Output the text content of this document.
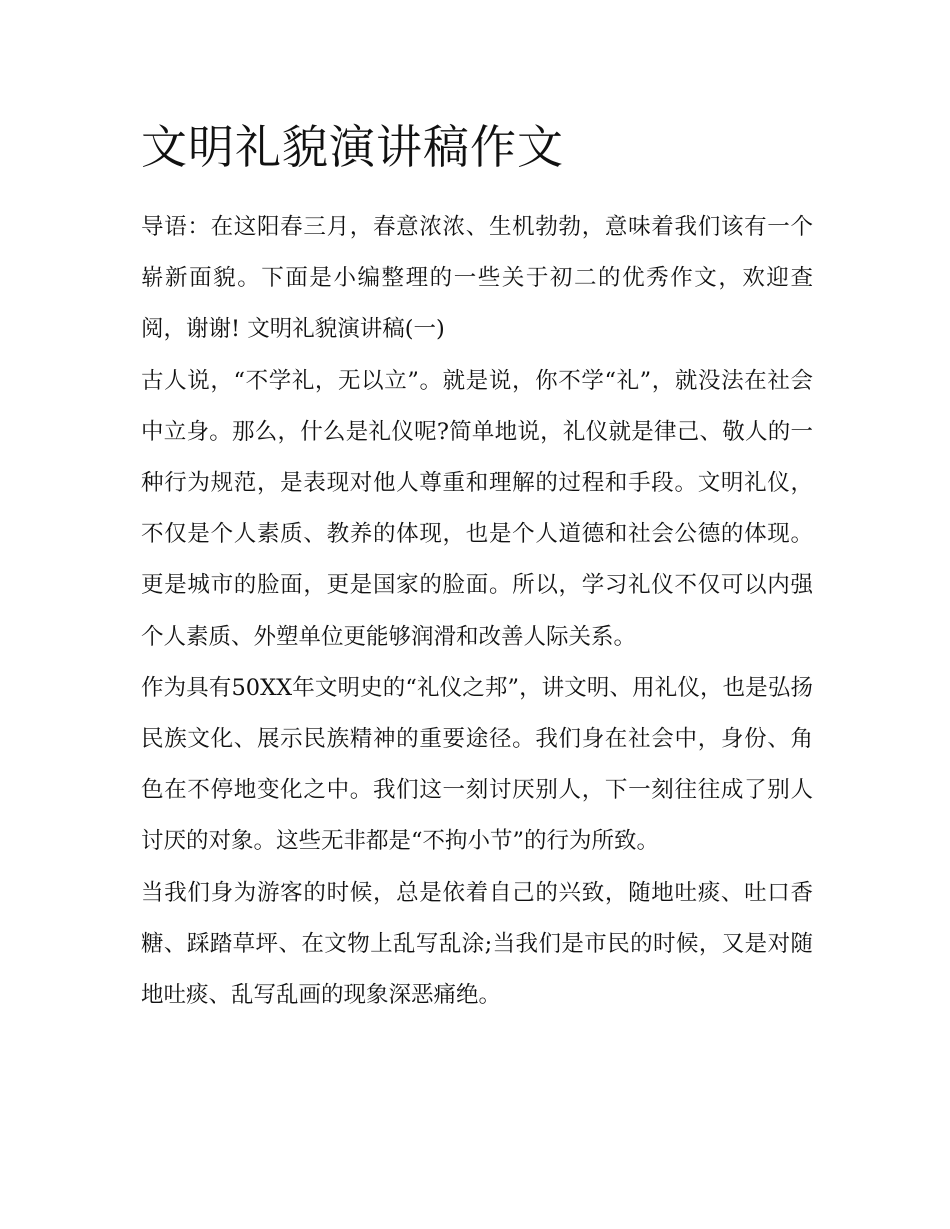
文明礼貌演讲稿作文

导语：在这阳春三月，春意浓浓、生机勃勃，意味着我们该有一个崭新面貌。下面是小编整理的一些关于初二的优秀作文，欢迎查阅，谢谢! 文明礼貌演讲稿(一)

古人说，“不学礼，无以立”。就是说，你不学“礼”，就没法在社会中立身。那么，什么是礼仪呢?简单地说，礼仪就是律己、敬人的一种行为规范，是表现对他人尊重和理解的过程和手段。文明礼仪，不仅是个人素质、教养的体现，也是个人道德和社会公德的体现。更是城市的脸面，更是国家的脸面。所以，学习礼仪不仅可以内强个人素质、外塑单位更能够润滑和改善人际关系。

作为具有50XX年文明史的“礼仪之邦”，讲文明、用礼仪，也是弘扬民族文化、展示民族精神的重要途径。我们身在社会中，身份、角色在不停地变化之中。我们这一刻讨厌别人，下一刻往往成了别人讨厌的对象。这些无非都是“不拘小节”的行为所致。

当我们身为游客的时候，总是依着自己的兴致，随地吐痰、吐口香糖、踩踏草坪、在文物上乱写乱涂;当我们是市民的时候，又是对随地吐痰、乱写乱画的现象深恶痛绝。
